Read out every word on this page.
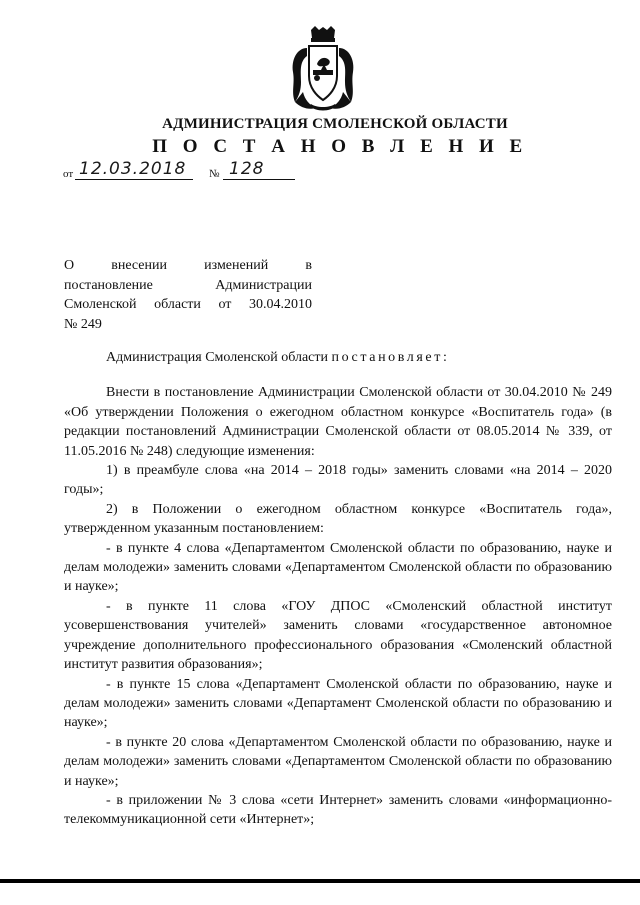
АДМИНИСТРАЦИЯ СМОЛЕНСКОЙ ОБЛАСТИ
П О С Т А Н О В Л Е Н И Е
от 12.03.2018 № 128
О	внесении	изменений	в
постановление	Администрации
Смоленской области от 30.04.2010
№ 249

Администрация Смоленской области постановляет:

Внести в постановление Администрации Смоленской области от 30.04.2010 № 249 «Об утверждении Положения о ежегодном областном конкурсе «Воспитатель года» (в редакции постановлений Администрации Смоленской области от 08.05.2014 № 339, от 11.05.2016 № 248) следующие изменения:

1) в преамбуле слова «на 2014 – 2018 годы» заменить словами «на 2014 – 2020 годы»;

2) в Положении о ежегодном областном конкурсе «Воспитатель года», утвержденном указанным постановлением:

- в пункте 4 слова «Департаментом Смоленской области по образованию, науке и делам молодежи» заменить словами «Департаментом Смоленской области по образованию и науке»;

- в пункте 11 слова «ГОУ ДПОС «Смоленский областной институт усовершенствования учителей» заменить словами «государственное автономное учреждение дополнительного профессионального образования «Смоленский областной институт развития образования»;

- в пункте 15 слова «Департамент Смоленской области по образованию, науке и делам молодежи» заменить словами «Департамент Смоленской области по образованию и науке»;

- в пункте 20 слова «Департаментом Смоленской области по образованию, науке и делам молодежи» заменить словами «Департаментом Смоленской области по образованию и науке»;

- в приложении № 3 слова «сети Интернет» заменить словами «информационно-телекоммуникационной сети «Интернет»;
